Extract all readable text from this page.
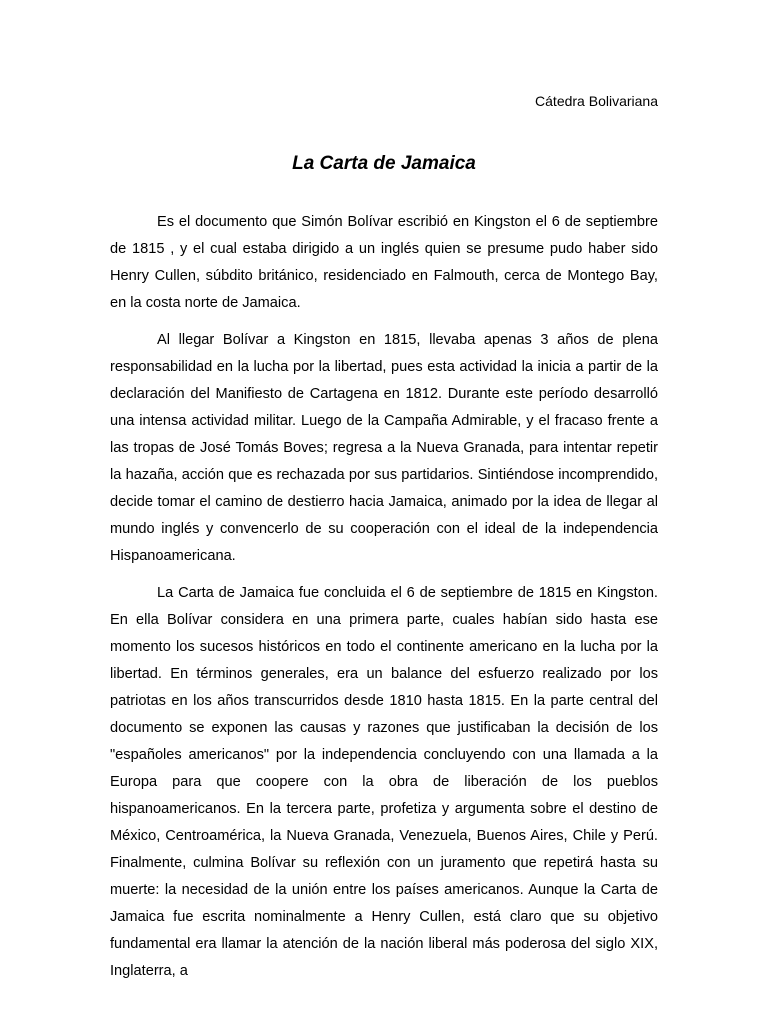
Cátedra Bolivariana
La Carta de Jamaica

Es el documento que Simón Bolívar escribió en Kingston el 6 de septiembre de 1815 , y el cual estaba dirigido a un inglés quien se presume pudo haber sido Henry Cullen, súbdito británico, residenciado en Falmouth, cerca de Montego Bay, en la costa norte de Jamaica.

Al llegar Bolívar a Kingston en 1815, llevaba apenas 3 años de plena responsabilidad en la lucha por la libertad, pues esta actividad la inicia a partir de la declaración del Manifiesto de Cartagena en 1812. Durante este período desarrolló una intensa actividad militar. Luego de la Campaña Admirable, y el fracaso frente a las tropas de José Tomás Boves; regresa a la Nueva Granada, para intentar repetir la hazaña, acción que es rechazada por sus partidarios. Sintiéndose incomprendido, decide tomar el camino de destierro hacia Jamaica, animado por la idea de llegar al mundo inglés y convencerlo de su cooperación con el ideal de la independencia Hispanoamericana.

La Carta de Jamaica fue concluida el 6 de septiembre de 1815 en Kingston. En ella Bolívar considera en una primera parte, cuales habían sido hasta ese momento los sucesos históricos en todo el continente americano en la lucha por la libertad. En términos generales, era un balance del esfuerzo realizado por los patriotas en los años transcurridos desde 1810 hasta 1815. En la parte central del documento se exponen las causas y razones que justificaban la decisión de los "españoles americanos" por la independencia concluyendo con una llamada a la Europa para que coopere con la obra de liberación de los pueblos hispanoamericanos. En la tercera parte, profetiza y argumenta sobre el destino de México, Centroamérica, la Nueva Granada, Venezuela, Buenos Aires, Chile y Perú. Finalmente, culmina Bolívar su reflexión con un juramento que repetirá hasta su muerte: la necesidad de la unión entre los países americanos. Aunque la Carta de Jamaica fue escrita nominalmente a Henry Cullen, está claro que su objetivo fundamental era llamar la atención de la nación liberal más poderosa del siglo XIX, Inglaterra, a
